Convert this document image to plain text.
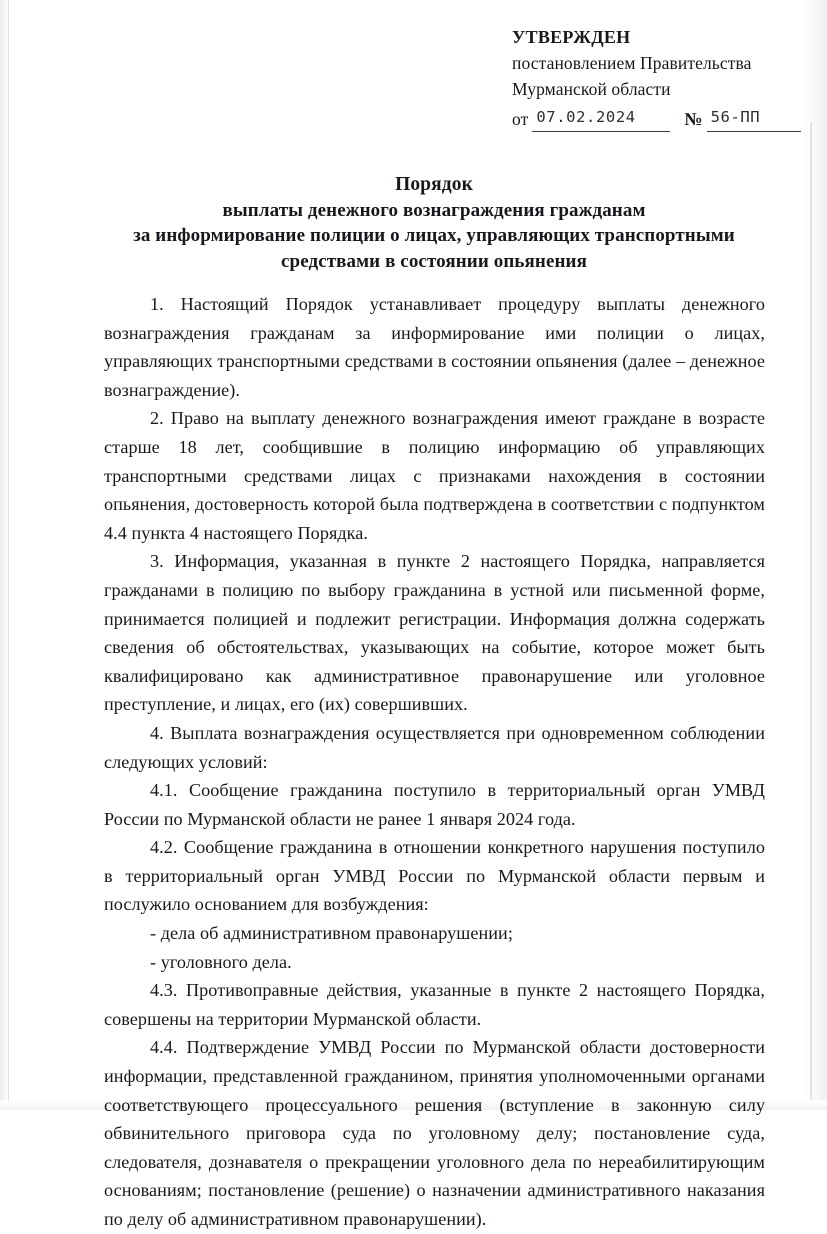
УТВЕРЖДЕН
постановлением Правительства
Мурманской области
от 07.02.2024	№ 56-ПП
Порядок
выплаты денежного вознаграждения гражданам
за информирование полиции о лицах, управляющих транспортными
средствами в состоянии опьянения

1. Настоящий Порядок устанавливает процедуру выплаты денежного вознаграждения гражданам за информирование ими полиции о лицах, управляющих транспортными средствами в состоянии опьянения (далее – денежное вознаграждение).

2. Право на выплату денежного вознаграждения имеют граждане в возрасте старше 18 лет, сообщившие в полицию информацию об управляющих транспортными средствами лицах с признаками нахождения в состоянии опьянения, достоверность которой была подтверждена в соответствии с подпунктом 4.4 пункта 4 настоящего Порядка.

3. Информация, указанная в пункте 2 настоящего Порядка, направляется гражданами в полицию по выбору гражданина в устной или письменной форме, принимается полицией и подлежит регистрации. Информация должна содержать сведения об обстоятельствах, указывающих на событие, которое может быть квалифицировано как административное правонарушение или уголовное преступление, и лицах, его (их) совершивших.

4. Выплата вознаграждения осуществляется при одновременном соблюдении следующих условий:

4.1. Сообщение гражданина поступило в территориальный орган УМВД России по Мурманской области не ранее 1 января 2024 года.

4.2. Сообщение гражданина в отношении конкретного нарушения поступило в территориальный орган УМВД России по Мурманской области первым и послужило основанием для возбуждения:

- дела об административном правонарушении;

- уголовного дела.

4.3. Противоправные действия, указанные в пункте 2 настоящего Порядка, совершены на территории Мурманской области.

4.4. Подтверждение УМВД России по Мурманской области достоверности информации, представленной гражданином, принятия уполномоченными органами соответствующего процессуального решения (вступление в законную силу обвинительного приговора суда по уголовному делу; постановление суда, следователя, дознавателя о прекращении уголовного дела по нереабилитирующим основаниям; постановление (решение) о назначении административного наказания по делу об административном правонарушении).
